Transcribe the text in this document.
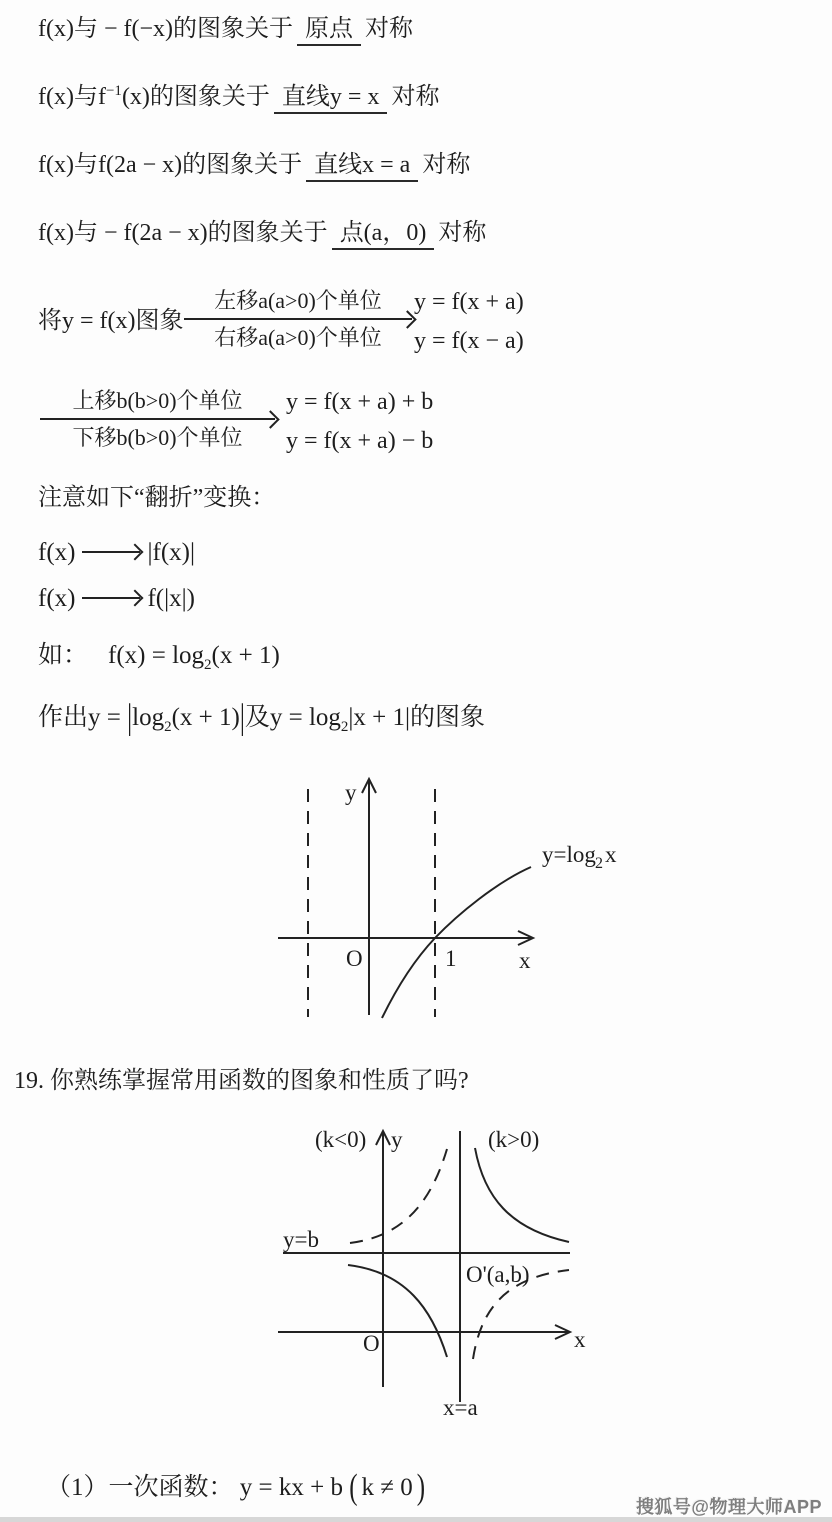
f(x)与 − f(−x)的图象关于 原点 对称
f(x)与$f^{-1}(x)$的图象关于 直线y = x 对称
f(x)与f(2a − x)的图象关于 直线x = a 对称
f(x)与 − f(2a − x)的图象关于 点(a，0) 对称
将y = f(x)图象
左移a(a>0)个单位
右移a(a>0)个单位
y = f(x + a)
y = f(x − a)
上移b(b>0)个单位
下移b(b>0)个单位
y = f(x + a) + b
y = f(x + a) − b
注意如下“翻折”变换：
f(x)	|f(x)|
f(x)	f(|x|)
如： $f(x) = \log_2(x + 1)$
作出$y = |\log_2(x + 1)|$及$y = \log_2|x + 1|$的图象
y
O	1	x
y=log 2 x
19. 你熟练掌握常用函数的图象和性质了吗?
(k<0) y	(k>0)
y=b
O'(a,b)
O	x
x=a
（1）一次函数： y = kx + b ( k ≠ 0 )	搜狐号@物理大师APP
